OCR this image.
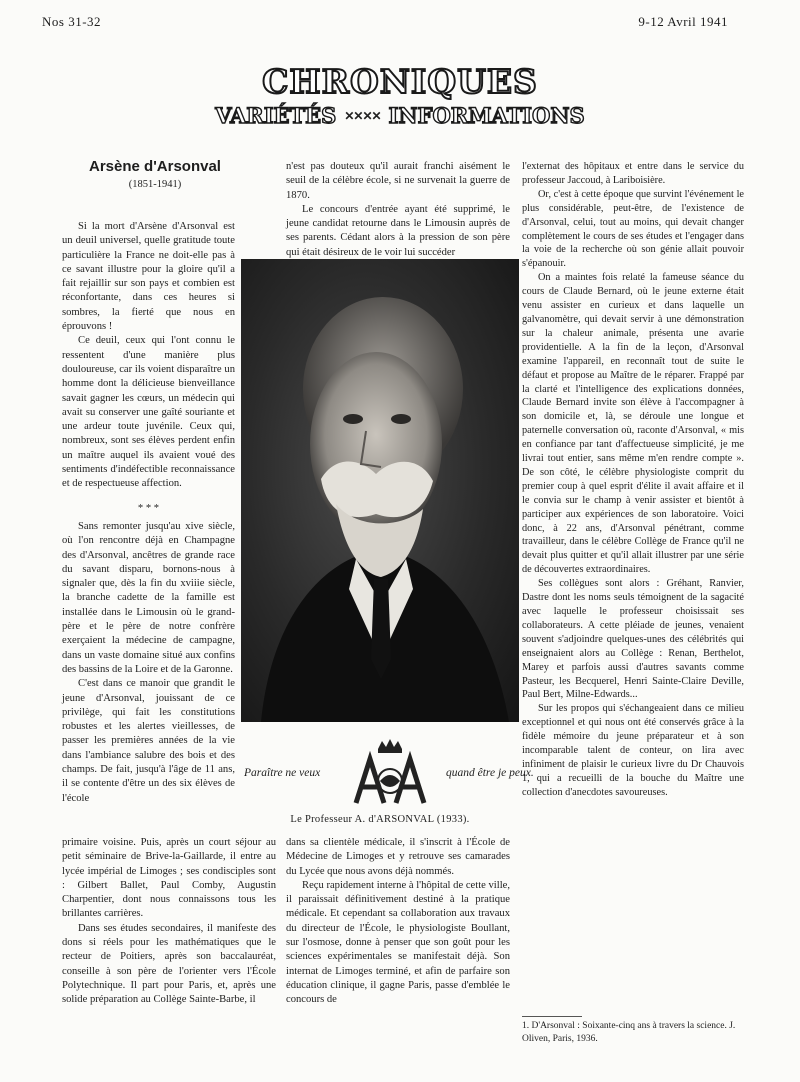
Nos 31-32	9-12 Avril 1941
CHRONIQUES
VARIÉTÉS ✕✕✕✕ INFORMATIONS
Arsène d'Arsonval
(1851-1941)

Si la mort d'Arsène d'Arsonval est un deuil universel, quelle gratitude toute particulière la France ne doit-elle pas à ce savant illustre pour la gloire qu'il a fait rejaillir sur son pays et combien est réconfortante, dans ces heures si sombres, la fierté que nous en éprouvons !

Ce deuil, ceux qui l'ont connu le ressentent d'une manière plus douloureuse, car ils voient disparaître un homme dont la délicieuse bienveillance savait gagner les cœurs, un médecin qui avait su conserver une gaîté souriante et une ardeur toute juvénile. Ceux qui, nombreux, sont ses élèves perdent enfin un maître auquel ils avaient voué des sentiments d'indéfectible reconnaissance et de respectueuse affection.

* * *

Sans remonter jusqu'au xive siècle, où l'on rencontre déjà en Champagne des d'Arsonval, ancêtres de grande race du savant disparu, bornons-nous à signaler que, dès la fin du xviiie siècle, la branche cadette de la famille est installée dans le Limousin où le grand-père et le père de notre confrère exerçaient la médecine de campagne, dans un vaste domaine situé aux confins des bassins de la Loire et de la Garonne.

C'est dans ce manoir que grandit le jeune d'Arsonval, jouissant de ce privilège, qui fait les constitutions robustes et les alertes vieillesses, de passer les premières années de la vie dans l'ambiance salubre des bois et des champs. De fait, jusqu'à l'âge de 11 ans, il se contente d'être un des six élèves de l'école

n'est pas douteux qu'il aurait franchi aisément le seuil de la célèbre école, si ne survenait la guerre de 1870.

Le concours d'entrée ayant été supprimé, le jeune candidat retourne dans le Limousin auprès de ses parents. Cédant alors à la pression de son père qui était désireux de le voir lui succéder

Paraître ne veux	quand être je peux.
Le Professeur A. d'ARSONVAL (1933).

primaire voisine. Puis, après un court séjour au petit séminaire de Brive-la-Gaillarde, il entre au lycée impérial de Limoges ; ses condisciples sont : Gilbert Ballet, Paul Comby, Augustin Charpentier, dont nous connaissons tous les brillantes carrières.

Dans ses études secondaires, il manifeste des dons si réels pour les mathématiques que le recteur de Poitiers, après son baccalauréat, conseille à son père de l'orienter vers l'École Polytechnique. Il part pour Paris, et, après une solide préparation au Collège Sainte-Barbe, il

dans sa clientèle médicale, il s'inscrit à l'École de Médecine de Limoges et y retrouve ses camarades du Lycée que nous avons déjà nommés.

Reçu rapidement interne à l'hôpital de cette ville, il paraissait définitivement destiné à la pratique médicale. Et cependant sa collaboration aux travaux du directeur de l'École, le physiologiste Boullant, sur l'osmose, donne à penser que son goût pour les sciences expérimentales se manifestait déjà. Son internat de Limoges terminé, et afin de parfaire son éducation clinique, il gagne Paris, passe d'emblée le concours de

l'externat des hôpitaux et entre dans le service du professeur Jaccoud, à Lariboisière.

Or, c'est à cette époque que survint l'événement le plus considérable, peut-être, de l'existence de d'Arsonval, celui, tout au moins, qui devait changer complètement le cours de ses études et l'engager dans la voie de la recherche où son génie allait pouvoir s'épanouir.

On a maintes fois relaté la fameuse séance du cours de Claude Bernard, où le jeune externe était venu assister en curieux et dans laquelle un galvanomètre, qui devait servir à une démonstration sur la chaleur animale, présenta une avarie providentielle. A la fin de la leçon, d'Arsonval examine l'appareil, en reconnaît tout de suite le défaut et propose au Maître de le réparer. Frappé par la clarté et l'intelligence des explications données, Claude Bernard invite son élève à l'accompagner à son domicile et, là, se déroule une longue et paternelle conversation où, raconte d'Arsonval, « mis en confiance par tant d'affectueuse simplicité, je me livrai tout entier, sans même m'en rendre compte ». De son côté, le célèbre physiologiste comprit du premier coup à quel esprit d'élite il avait affaire et il le convia sur le champ à venir assister et bientôt à participer aux expériences de son laboratoire. Voici donc, à 22 ans, d'Arsonval pénétrant, comme travailleur, dans le célèbre Collège de France qu'il ne devait plus quitter et qu'il allait illustrer par une série de découvertes extraordinaires.

Ses collègues sont alors : Gréhant, Ranvier, Dastre dont les noms seuls témoignent de la sagacité avec laquelle le professeur choisissait ses collaborateurs. A cette pléiade de jeunes, venaient souvent s'adjoindre quelques-unes des célébrités qui enseignaient alors au Collège : Renan, Berthelot, Marey et parfois aussi d'autres savants comme Pasteur, les Becquerel, Henri Sainte-Claire Deville, Paul Bert, Milne-Edwards...

Sur les propos qui s'échangeaient dans ce milieu exceptionnel et qui nous ont été conservés grâce à la fidèle mémoire du jeune préparateur et à son incomparable talent de conteur, on lira avec infiniment de plaisir le curieux livre du Dr Chauvois 1, qui a recueilli de la bouche du Maître une collection d'anecdotes savoureuses.

1. D'Arsonval : Soixante-cinq ans à travers la science. J. Oliven, Paris, 1936.
